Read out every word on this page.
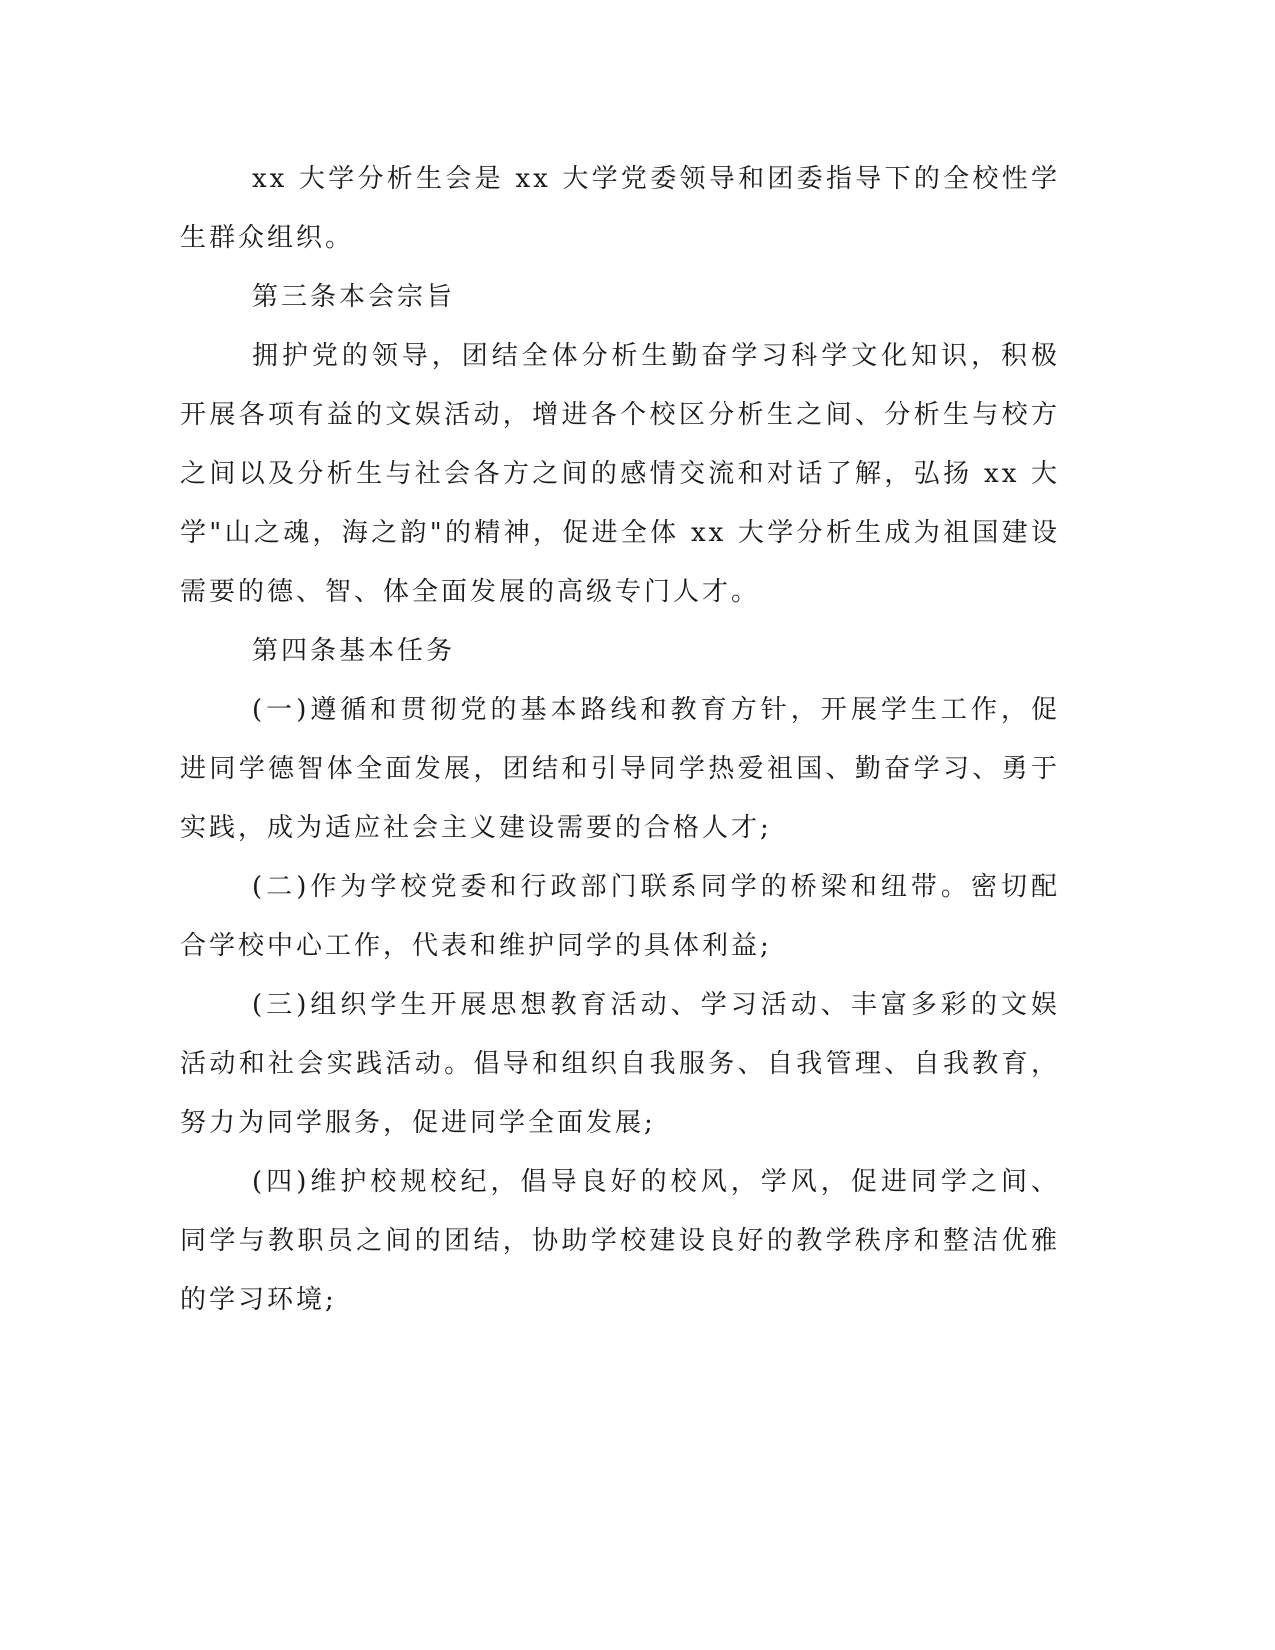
xx 大学分析生会是 xx 大学党委领导和团委指导下的全校性学生群众组织。

第三条本会宗旨

拥护党的领导，团结全体分析生勤奋学习科学文化知识，积极开展各项有益的文娱活动，增进各个校区分析生之间、分析生与校方之间以及分析生与社会各方之间的感情交流和对话了解，弘扬 xx 大学"山之魂，海之韵"的精神，促进全体 xx 大学分析生成为祖国建设需要的德、智、体全面发展的高级专门人才。

第四条基本任务

(一)遵循和贯彻党的基本路线和教育方针，开展学生工作，促进同学德智体全面发展，团结和引导同学热爱祖国、勤奋学习、勇于实践，成为适应社会主义建设需要的合格人才;

(二)作为学校党委和行政部门联系同学的桥梁和纽带。密切配合学校中心工作，代表和维护同学的具体利益;

(三)组织学生开展思想教育活动、学习活动、丰富多彩的文娱活动和社会实践活动。倡导和组织自我服务、自我管理、自我教育，努力为同学服务，促进同学全面发展;

(四)维护校规校纪，倡导良好的校风，学风，促进同学之间、同学与教职员之间的团结，协助学校建设良好的教学秩序和整洁优雅的学习环境;
